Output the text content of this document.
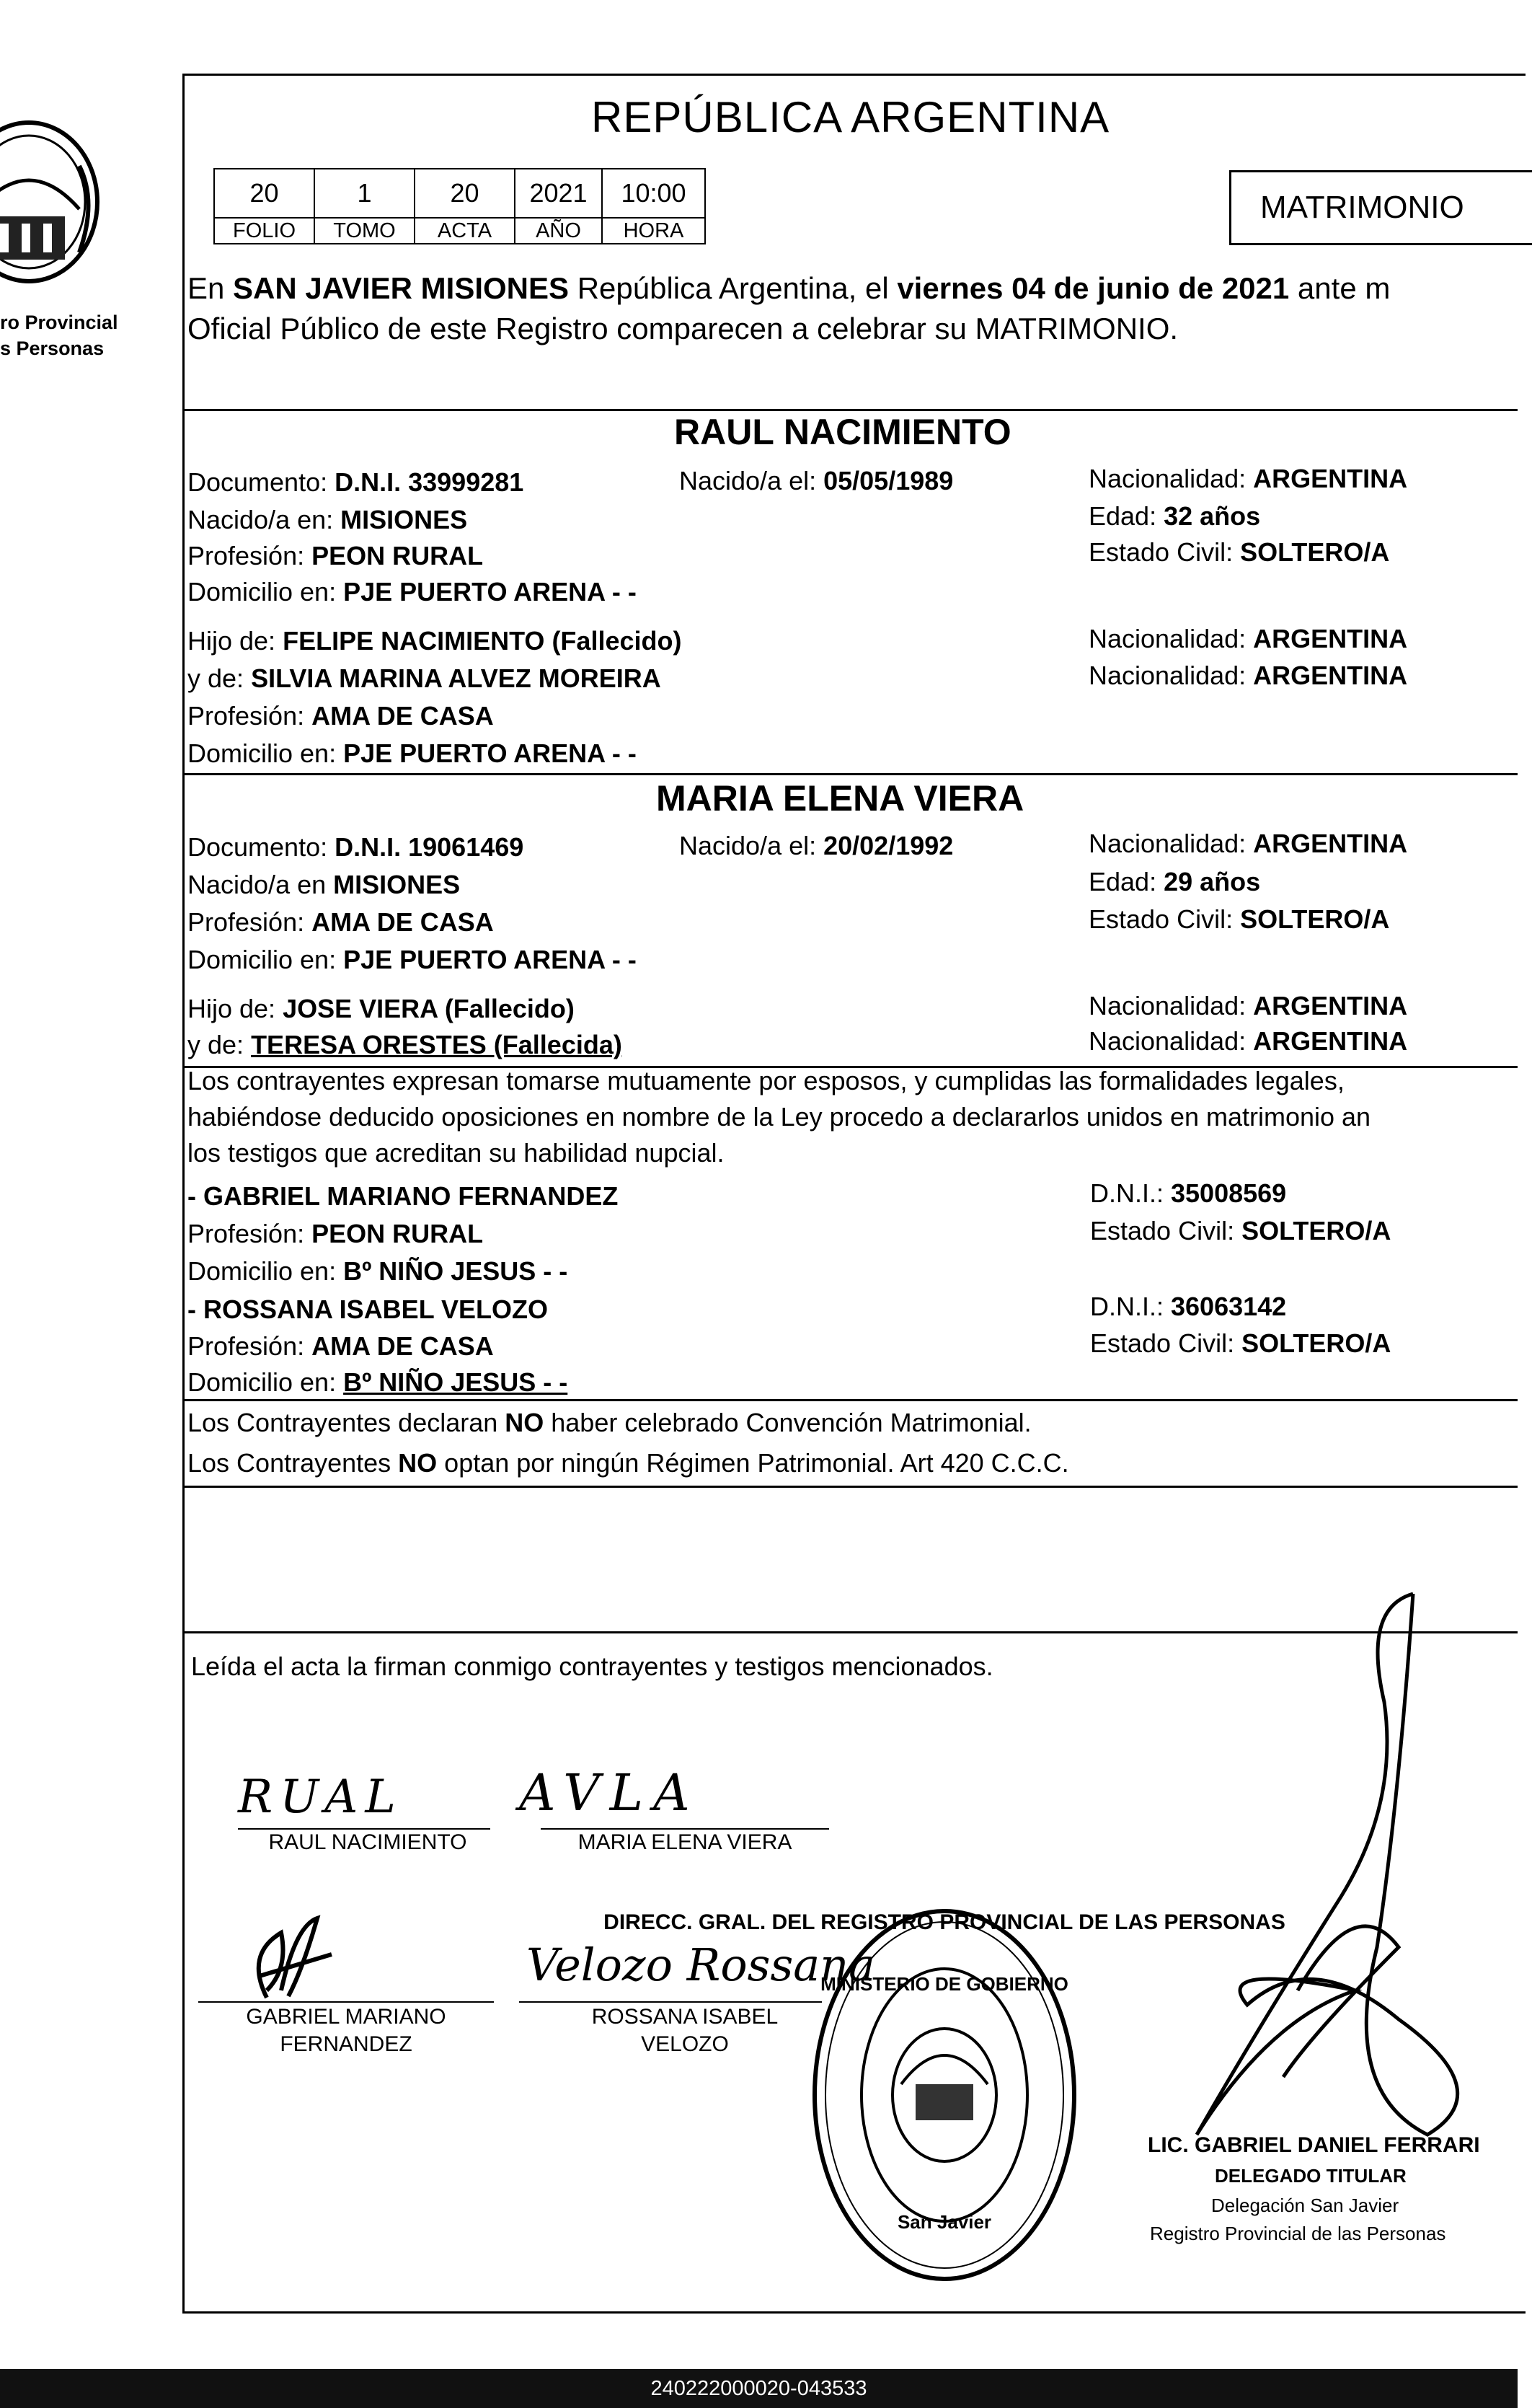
ro Provincial
s Personas
REPÚBLICA ARGENTINA
20	1	20	2021	10:00
FOLIO	TOMO	ACTA	AÑO	HORA
MATRIMONIO
En SAN JAVIER MISIONES República Argentina, el viernes 04 de junio de 2021 ante m
Oficial Público de este Registro comparecen a celebrar su MATRIMONIO.
RAUL NACIMIENTO
Documento: D.N.I. 33999281	Nacido/a el: 05/05/1989	Nacionalidad: ARGENTINA
Nacido/a en: MISIONES	Edad: 32 años
Profesión: PEON RURAL	Estado Civil: SOLTERO/A
Domicilio en: PJE PUERTO ARENA - -
Hijo de: FELIPE NACIMIENTO (Fallecido)	Nacionalidad: ARGENTINA
y de: SILVIA MARINA ALVEZ MOREIRA	Nacionalidad: ARGENTINA
Profesión: AMA DE CASA
Domicilio en: PJE PUERTO ARENA - -
MARIA ELENA VIERA
Documento: D.N.I. 19061469	Nacido/a el: 20/02/1992	Nacionalidad: ARGENTINA
Nacido/a en MISIONES	Edad: 29 años
Profesión: AMA DE CASA	Estado Civil: SOLTERO/A
Domicilio en: PJE PUERTO ARENA - -
Hijo de: JOSE VIERA (Fallecido)	Nacionalidad: ARGENTINA
y de: TERESA ORESTES (Fallecida)	Nacionalidad: ARGENTINA
Los contrayentes expresan tomarse mutuamente por esposos, y cumplidas las formalidades legales,
habiéndose deducido oposiciones en nombre de la Ley procedo a declararlos unidos en matrimonio an
los testigos que acreditan su habilidad nupcial.
- GABRIEL MARIANO FERNANDEZ	D.N.I.: 35008569
Profesión: PEON RURAL	Estado Civil: SOLTERO/A
Domicilio en: Bº NIÑO JESUS - -
- ROSSANA ISABEL VELOZO	D.N.I.: 36063142
Profesión: AMA DE CASA	Estado Civil: SOLTERO/A
Domicilio en: Bº NIÑO JESUS - -
Los Contrayentes declaran NO haber celebrado Convención Matrimonial.
Los Contrayentes NO optan por ningún Régimen Patrimonial. Art 420 C.C.C.
Leída el acta la firman conmigo contrayentes y testigos mencionados.
RUAL
RAUL NACIMIENTO
AVLA
MARIA ELENA VIERA
GABRIEL MARIANO
FERNANDEZ
Velozo Rossana
ROSSANA ISABEL
VELOZO
DIRECC. GRAL. DEL REGISTRO PROVINCIAL DE LAS PERSONAS
MINISTERIO DE GOBIERNO
San Javier
LIC. GABRIEL DANIEL FERRARI
DELEGADO TITULAR
Delegación San Javier
Registro Provincial de las Personas
240222000020-043533
